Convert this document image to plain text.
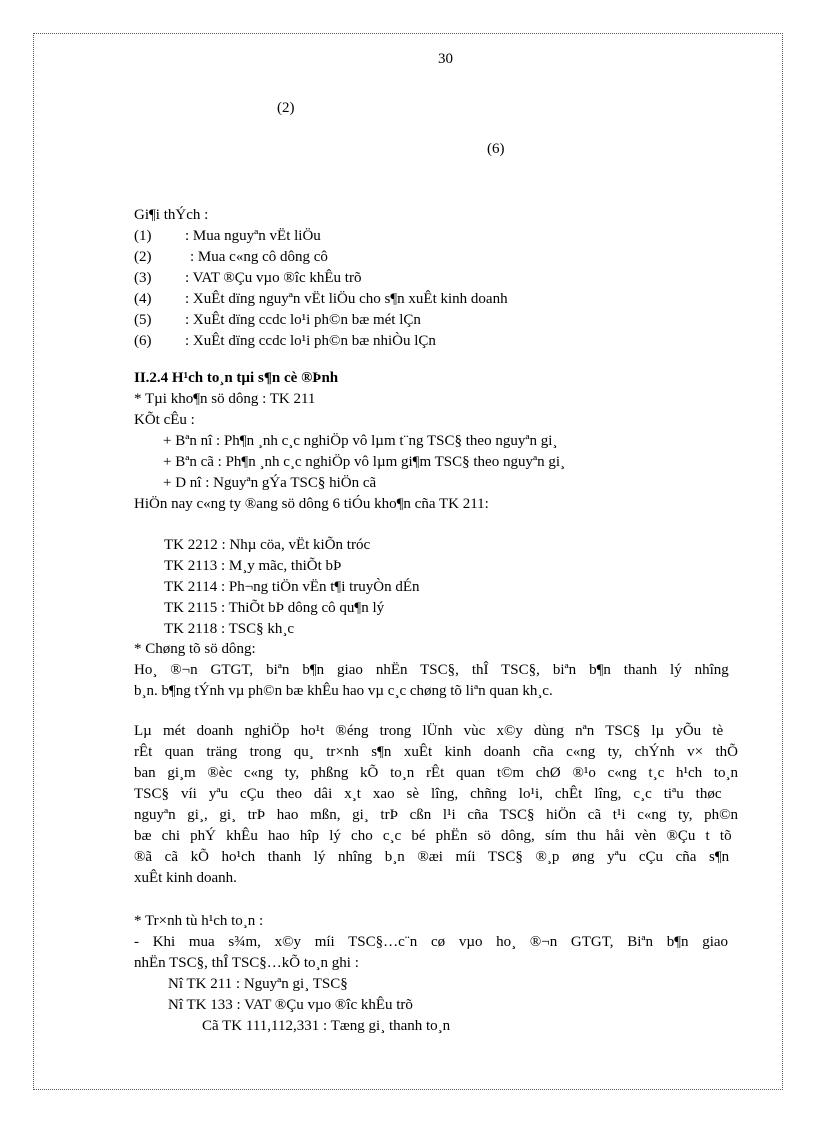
30
(2)
(6)
Gi¶i thÝch :
(1) : Mua nguyªn vËt liÖu
(2)	: Mua c«ng cô dông cô
(3) : VAT ®Çu vµo ®îc khÊu trõ
(4) : XuÊt dïng nguyªn vËt liÖu cho s¶n xuÊt kinh doanh
(5) : XuÊt dïng ccdc lo¹i ph©n bæ mét lÇn
(6) : XuÊt dïng ccdc lo¹i ph©n bæ nhiÒu lÇn
II.2.4 H¹ch to¸n tµi s¶n cè ®Þnh
* Tµi kho¶n sö dông : TK 211
KÕt cÊu :
+ Bªn nî : Ph¶n ¸nh c¸c nghiÖp vô lµm t¨ng TSC§ theo nguyªn gi¸
+ Bªn cã : Ph¶n ¸nh c¸c nghiÖp vô lµm gi¶m TSC§ theo nguyªn gi¸
+ D nî : Nguyªn gÝa TSC§ hiÖn cã
HiÖn nay c«ng ty ®ang sö dông 6 tiÓu kho¶n cña TK 211:
TK 2212 : Nhµ cöa, vËt kiÕn tróc
TK 2113 : M¸y mãc, thiÕt bÞ
TK 2114 : Ph¬ng tiÖn vËn t¶i truyÒn dÉn
TK 2115 : ThiÕt bÞ dông cô qu¶n lý
TK 2118 : TSC§ kh¸c
* Chøng tõ sö dông:
Ho¸ ®¬n GTGT, biªn b¶n giao nhËn TSC§, thÎ TSC§, biªn b¶n thanh lý nhîng
b¸n. b¶ng tÝnh vµ ph©n bæ khÊu hao vµ c¸c chøng tõ liªn quan kh¸c.
Lµ mét doanh nghiÖp ho¹t ®éng trong lÜnh vùc x©y dùng nªn TSC§ lµ yÕu tè
rÊt quan träng trong qu¸ tr×nh s¶n xuÊt kinh doanh cña c«ng ty, chÝnh v× thÕ
ban gi¸m ®èc c«ng ty, phßng kÕ to¸n rÊt quan t©m chØ ®¹o c«ng t¸c h¹ch to¸n
TSC§ víi yªu cÇu theo dâi x¸t xao sè lîng, chñng lo¹i, chÊt lîng, c¸c tiªu thøc
nguyªn gi¸, gi¸ trÞ hao mßn, gi¸ trÞ cßn l¹i cña TSC§ hiÖn cã t¹i c«ng ty, ph©n
bæ chi phÝ khÊu hao hîp lý cho c¸c bé phËn sö dông, sím thu håi vèn ®Çu t tõ
®ã cã kÕ ho¹ch thanh lý nhîng b¸n ®æi míi TSC§ ®¸p øng yªu cÇu cña s¶n
xuÊt kinh doanh.
* Tr×nh tù h¹ch to¸n :
- Khi mua s¾m, x©y míi TSC§…c¨n cø vµo ho¸ ®¬n GTGT, Biªn b¶n giao
nhËn TSC§, thÎ TSC§…kÕ to¸n ghi :
Nî TK 211 : Nguyªn gi¸ TSC§
Nî TK 133 : VAT ®Çu vµo ®îc khÊu trõ
Cã TK 111,112,331 : Tæng gi¸ thanh to¸n
